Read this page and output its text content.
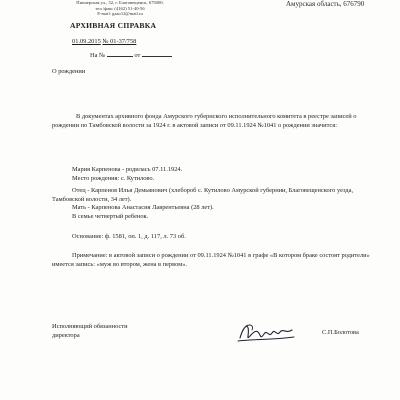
Пионерская ул., 52, г. Благовещенск, 675000,
тел./факс (4162) 51-40-56
E-mail: gaao12@mail.ru
Амурская область, 676790
АРХИВНАЯ СПРАВКА
01.09.2015 № 01-37/758
На №	от
О рождении
В документах архивного фонда Амурского губернского исполнительного комитета в реестре записей о рождении по Тамбовской волости за 1924 г. в актовой записи от 09.11.1924 №1041 о рождении значится:
Мария Карпенова - родилась 07.11.1924.
Место рождения: с. Кутилово.
Отец - Карпенов Илья Демьянович (хлебороб с. Кутилово Амурской губернии, Благовещенского уезда, Тамбовской волости, 34 лет).
Мать - Карпенова Анастасия Лаврентьевна (28 лет).
В семье четвертый ребенок.
Основание: ф. 1581, оп. 1, д. 117, л. 73 об.
Примечание: в актовой записи о рождении от 09.11.1924 №1041 в графе «В котором браке состоят родители» имеется запись: «муж во втором, жена в первом».
Исполняющий обязанности
директора	С.П.Болотова
